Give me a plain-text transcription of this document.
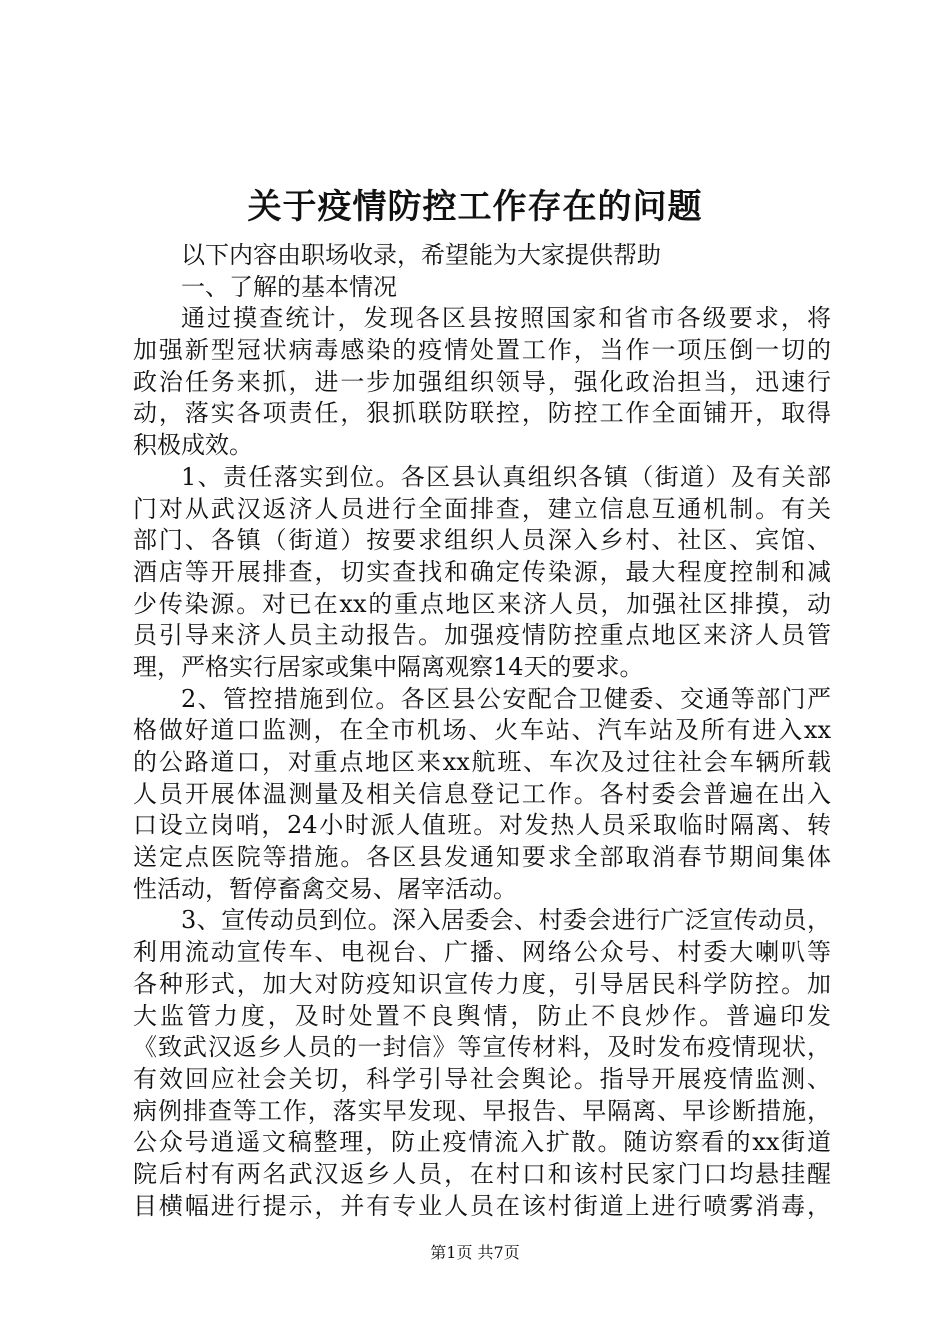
关于疫情防控工作存在的问题
以下内容由职场收录，希望能为大家提供帮助
一、了解的基本情况
通过摸查统计，发现各区县按照国家和省市各级要求，将
加强新型冠状病毒感染的疫情处置工作，当作一项压倒一切的
政治任务来抓，进一步加强组织领导，强化政治担当，迅速行
动，落实各项责任，狠抓联防联控，防控工作全面铺开，取得
积极成效。
1、责任落实到位。各区县认真组织各镇（街道）及有关部
门对从武汉返济人员进行全面排查，建立信息互通机制。有关
部门、各镇（街道）按要求组织人员深入乡村、社区、宾馆、
酒店等开展排查，切实查找和确定传染源，最大程度控制和减
少传染源。对已在xx的重点地区来济人员，加强社区排摸，动
员引导来济人员主动报告。加强疫情防控重点地区来济人员管
理，严格实行居家或集中隔离观察14天的要求。
2、管控措施到位。各区县公安配合卫健委、交通等部门严
格做好道口监测，在全市机场、火车站、汽车站及所有进入xx
的公路道口，对重点地区来xx航班、车次及过往社会车辆所载
人员开展体温测量及相关信息登记工作。各村委会普遍在出入
口设立岗哨，24小时派人值班。对发热人员采取临时隔离、转
送定点医院等措施。各区县发通知要求全部取消春节期间集体
性活动，暂停畜禽交易、屠宰活动。
3、宣传动员到位。深入居委会、村委会进行广泛宣传动员，
利用流动宣传车、电视台、广播、网络公众号、村委大喇叭等
各种形式，加大对防疫知识宣传力度，引导居民科学防控。加
大监管力度，及时处置不良舆情，防止不良炒作。普遍印发
《致武汉返乡人员的一封信》等宣传材料，及时发布疫情现状，
有效回应社会关切，科学引导社会舆论。指导开展疫情监测、
病例排查等工作，落实早发现、早报告、早隔离、早诊断措施，
公众号逍遥文稿整理，防止疫情流入扩散。随访察看的xx街道
院后村有两名武汉返乡人员，在村口和该村民家门口均悬挂醒
目横幅进行提示，并有专业人员在该村街道上进行喷雾消毒，
第1页 共7页
